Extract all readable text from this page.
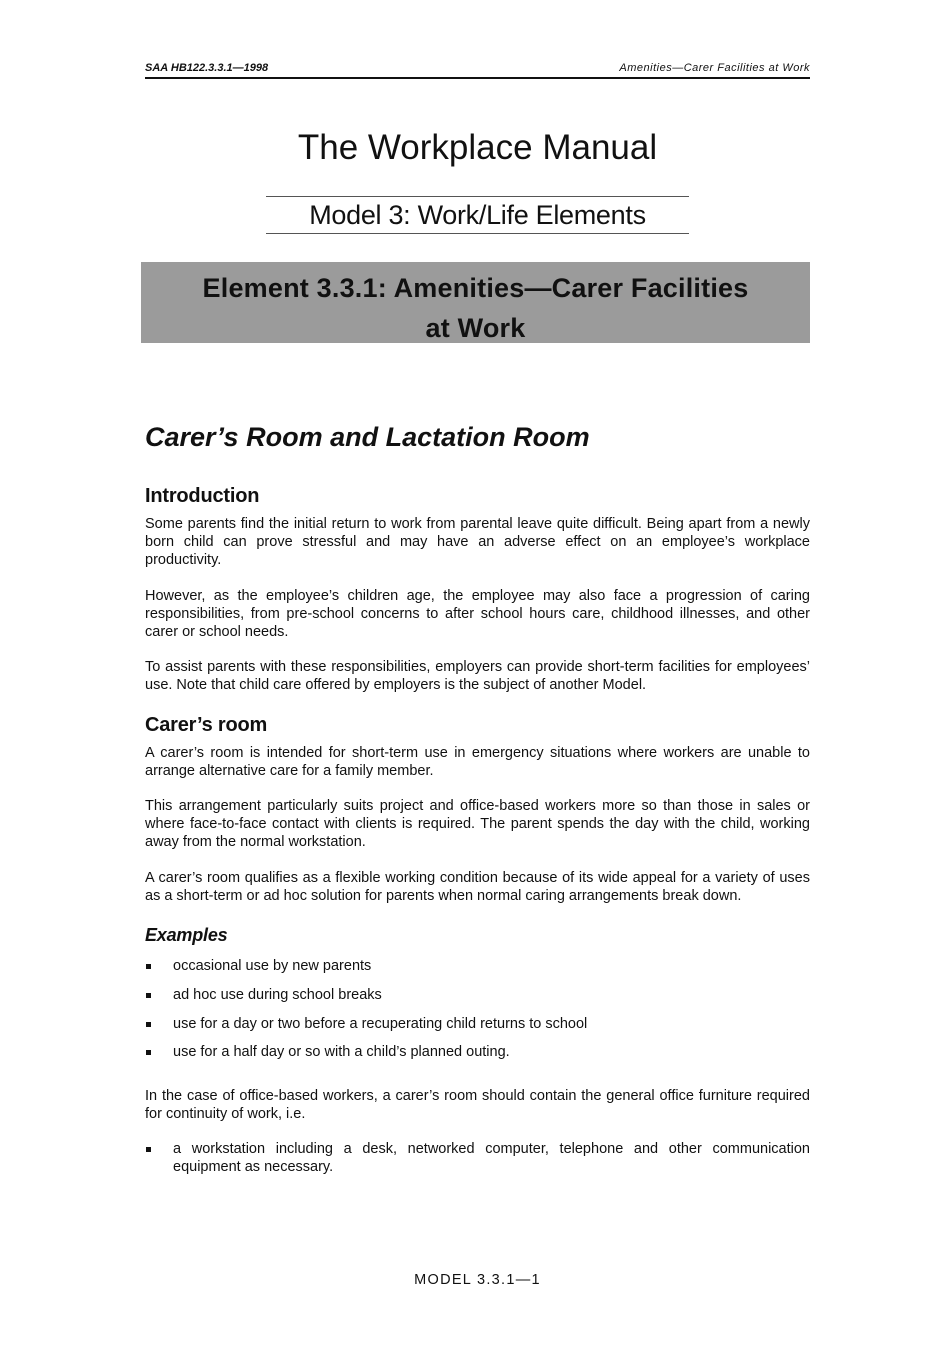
SAA HB122.3.3.1—1998	Amenities—Carer Facilities at Work
The Workplace Manual
Model 3: Work/Life Elements
Element 3.3.1: Amenities—Carer Facilities
at Work
Carer’s Room and Lactation Room
Introduction

Some parents find the initial return to work from parental leave quite difficult. Being apart from a newly born child can prove stressful and may have an adverse effect on an employee’s workplace productivity.

However, as the employee’s children age, the employee may also face a progression of caring responsibilities, from pre-school concerns to after school hours care, childhood illnesses, and other carer or school needs.

To assist parents with these responsibilities, employers can provide short-term facilities for employees’ use. Note that child care offered by employers is the subject of another Model.

Carer’s room

A carer’s room is intended for short-term use in emergency situations where workers are unable to arrange alternative care for a family member.

This arrangement particularly suits project and office-based workers more so than those in sales or where face-to-face contact with clients is required. The parent spends the day with the child, working away from the normal workstation.

A carer’s room qualifies as a flexible working condition because of its wide appeal for a variety of uses as a short-term or ad hoc solution for parents when normal caring arrangements break down.

Examples
occasional use by new parents
ad hoc use during school breaks
use for a day or two before a recuperating child returns to school
use for a half day or so with a child’s planned outing.

In the case of office-based workers, a carer’s room should contain the general office furniture required for continuity of work, i.e.

a workstation including a desk, networked computer, telephone and other communication equipment as necessary.
MODEL 3.3.1—1
